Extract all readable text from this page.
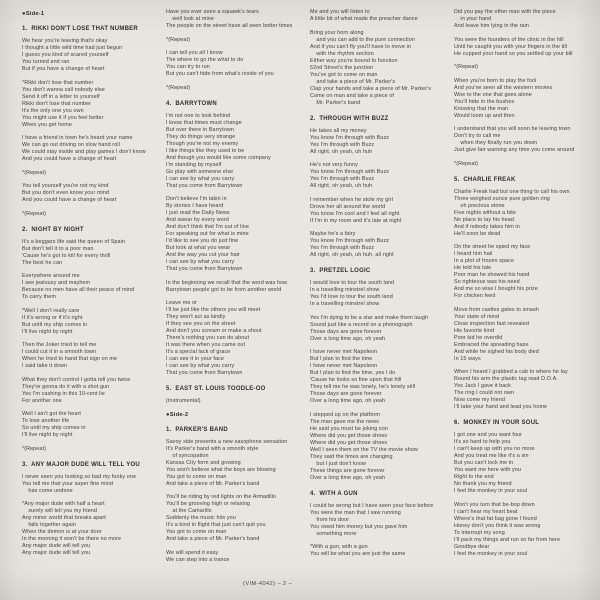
●Side-1
1.  RIKKI DON'T LOSE THAT NUMBER
We hear you're leaving that's okay
I thought a little wild time had just begun
I guess you kind of scared yourself
You turned and ran
But if you have a change of heart
*Rikki don't lose that number
You don't wanna call nobody else
Send it off in a letter to yourself
Rikki don't lose that number
It's the only one you own
You might use it if you feel better
When you get home
I have a friend in town he's heard your name
We can go out driving on slow hand roll
We could stay inside and play games I don't know
And you could have a change of heart
*(Repeat)
You tell yourself you're not my kind
But you don't even know your mind
And you could have a change of heart
*(Repeat)
2.  NIGHT BY NIGHT
It's a beggars life said the queen of Spain
But don't tell it to a poor man
'Cause he's got to kill for every thrill
The best he can
Everywhere around me
I see jealousy and mayhem
Because no men have all their peace of mind
To carry them
*Well I don't really care
If it's wrong or if it's right
But until my ship comes in
I'll live night by night
Then the Joker tried to tell me
I could cut it in a smooth town
When he tried to hand that sign on me
I said take it down
What they don't control I gotta tell you twice
They're gonna do it with a shot gun
Yes I'm cashing in this 10-cent lie
For another one
Well I ain't got the heart
To lose another life
So until my ship comes in
I'll live night by night
*(Repeat)
3.  ANY MAJOR DUDE WILL TELL YOU
I never seen you looking so bad my funky one
You tell me that your super fine mind
has come undone
*Any major dude with half a heart
surely will tell you my friend
Any minor world that breaks apart
falls together again
When the demon is at your door
In the morning it won't be there no more
Any major dude will tell you
Any major dude will tell you
Have you ever seen a squawk's tears
well look at mine
The people on the street have all seen better times
*(Repeat)
I can tell you all I know
The where to go the what to do
You can try to run
But you can't hide from what's inside of you
*(Repeat)
4.  BARRYTOWN
I'm not one to look behind
I know that times must change
But over there in Barrytown
They do things very strange
Though you're not my enemy
I like things like they used to be
And though you would like some company
I'm standing by myself
Go play with someone else
I can see by what you carry
That you come from Barrytown
Don't believe I'm takin in
By stories I have heard
I just read the Daily News
And swear by every word
And don't think that I'm out of line
For speaking out for what is mine
I'd like to see you do just fine
But look at what you wear
And the way you cut your hair
I can see by what you carry
That you come from Barrytown
In the beginning we recall that the word was how
Barrytown people got to be from another world
Leave me or
I'll be just like the others you will meet
They won't act as kindly
If they see you on the street
And don't you scream or make a shout
There's nothing you can do about
It was there when you came out
It's a special lack of grace
I can see it in your face
I can see by what you carry
That you come from Barrytown
5.  EAST ST. LOUIS TOODLE-OO
(Instrumental)
●Side-2
1.  PARKER'S BAND
Savoy side presents a new saxophone sensation
It's Parker's band with a smooth style
of syncopation
Kansas City form and growing
You won't believe what the boys are blowing
You got to come on man
And take a piece of Mr. Parker's band
You'll be riding by red lights on the Armadillo
You'll be grooving high or relaxing
at the Camarillo
Suddenly the music hits you
It's a bind in flight that just can't quit you
You got to come on man
And take a piece of Mr. Parker's band
We will spend it easy
We can step into a trance
Me and you will listen to
A little bit of what made the preacher dance
Bring your horn along
and you can add to the pure connection
And if you can't fly you'll have to move in
with the rhythm section
Either way you're bound to function
52nd Street's the junction
You've got to come on man
and take a piece of Mr. Parker's
Clap your hands and take a piece of Mr. Parker's
Come on man and take a piece of
Mr. Parker's band
2.  THROUGH WITH BUZZ
He takes all my money
You know I'm through with Buzz
Yes I'm through with Buzz
All right, oh yeah, uh huh
He's not very funny
You know I'm through with Buzz
Yes I'm through with Buzz
All right, oh yeah, uh huh
I remember when he stole my girl
Drove her all around the world
You know I'm cool and I feel all right
If I'm in my room and it's late at night
Maybe he's a fairy
You know I'm through with Buzz
Yes I'm through with Buzz
All right, oh yeah, uh huh, all right
3.  PRETZEL LOGIC
I would love to tour the south land
In a travelling minstrel show
Yes I'd love to tour the south land
In a travelling minstrel show
Yes I'm dying to be a star and make them laugh
Sound just like a record on a phonograph
Those days are gone forever
Over a long time ago, oh yeah
I have never met Napoleon
But I plan to find the time
I have never met Napoleon
But I plan to find the time, yes I do
'Cause he looks so fine upon that hill
They tell me he was lonely, he's lonely still
Those days are gone forever
Over a long time ago, oh yeah
I stepped up on the platform
The man gave me the news
He said you must be joking son
Where did you get those shoes
Where did you get those shoes
Well I seen them on the TV the movie show
They said the times are changing
but I just don't know
These things are gone forever
Over a long time ago, oh yeah
4.  WITH A GUN
I could be wrong but I have seen your face before
You were the man that I saw running
from his door
You owed him money but you gave him
something more
*With a gun, with a gun
You will be what you are just the same
Did you pay the other man with the piece
in your hand
And leave him lying in the rain
You were the founders of the clinic in the hill
Until he caught you with your fingers in the till
He cupped your hand so you settled up your bill
*(Repeat)
When you're born to play the fool
And you've seen all the western movies
Woe to the one that goes alone
You'll hide in the bushes
Knowing that the man
Would loom up and then
I understand that you will soon be leaving town
Don't try to call me
when they finally run you down
Just give fair warning any time you come around
*(Repeat)
5.  CHARLIE FREAK
Charlie Freak had but one thing to call his own
Three weighed ounce pure golden ring
oh precious stone
Five nights without a bite
No place to lay his head
And if nobody takes him in
He'll soon be dead
On the street he spied my face
I heard him hail
In a plot of frozen space
He told his tale
Poor man he showed his hand
So righteous was his need
And me so wise I bought his prize
For chicken feed
Move from castles gates to smash
Your state of mind
Close inspection fast revealed
His favorite kind
Poor kid he overdid
Embraced the spreading haze
And while he sighed his body died
In 15 ways
When I heard I grabbed a cab to where he lay
Round his arm the plastic tag read D.O.A.
Yes Jack I gave it back
The ring I could not own
Now come my friend
I'll take your hand and lead you home
6.  MONKEY IN YOUR SOUL
I got one and you want four
It's so hard to help you
I can't keep up with you no more
And you treat me like it's a sin
But you can't lock me in
You want me here with you
Right to the end
No thank you my friend
I feel the monkey in your soul
Won't you turn that be-bop down
I can't hear my heart beat
Where's that fat bag gone I found
Honey don't you think it was wrong
To interrupt my song
I'll pack my things and run so far from here
Goodbye dear
I feel the monkey in your soul
(VIM-4042) – 2 –
